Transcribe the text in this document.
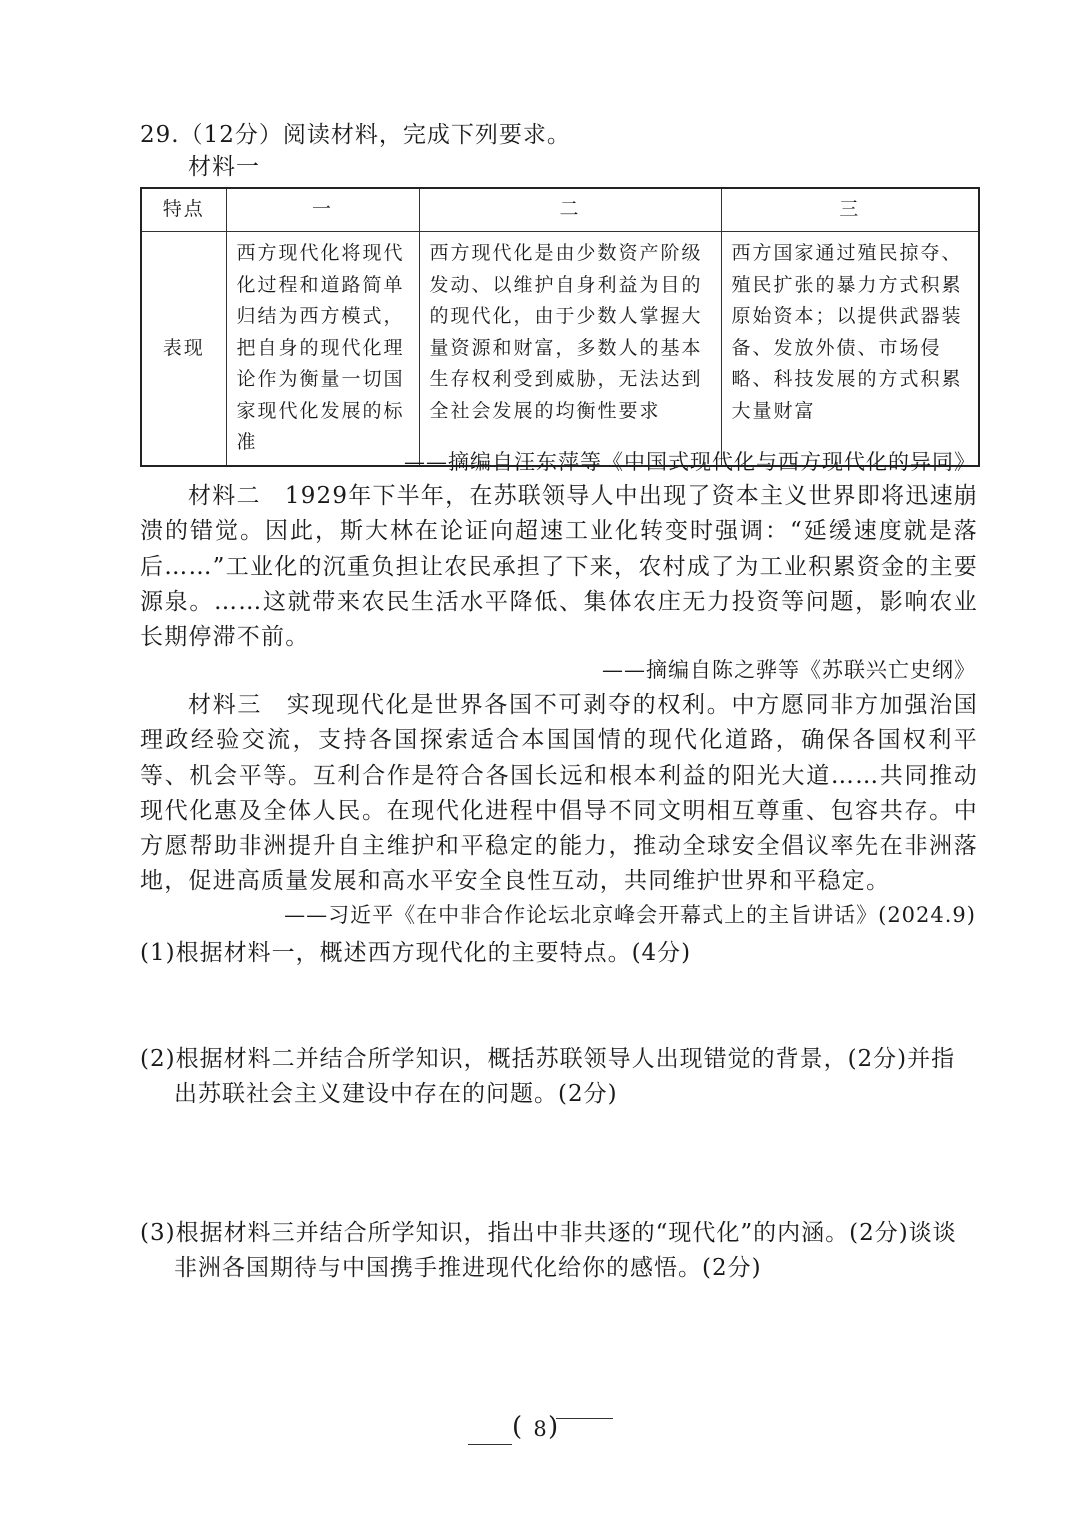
29.（12分）阅读材料，完成下列要求。
材料一
特点	一	二	三
表现	西方现代化将现代化过程和道路简单归结为西方模式，把自身的现代化理论作为衡量一切国家现代化发展的标准	西方现代化是由少数资产阶级发动、以维护自身利益为目的的现代化，由于少数人掌握大量资源和财富，多数人的基本生存权利受到威胁，无法达到全社会发展的均衡性要求	西方国家通过殖民掠夺、殖民扩张的暴力方式积累原始资本；以提供武器装备、发放外债、市场侵略、科技发展的方式积累大量财富
——摘编自汪东萍等《中国式现代化与西方现代化的异同》
材料二　1929年下半年，在苏联领导人中出现了资本主义世界即将迅速崩溃的错觉。因此，斯大林在论证向超速工业化转变时强调：“延缓速度就是落后……”工业化的沉重负担让农民承担了下来，农村成了为工业积累资金的主要源泉。……这就带来农民生活水平降低、集体农庄无力投资等问题，影响农业长期停滞不前。
——摘编自陈之骅等《苏联兴亡史纲》
材料三　实现现代化是世界各国不可剥夺的权利。中方愿同非方加强治国理政经验交流，支持各国探索适合本国国情的现代化道路，确保各国权利平等、机会平等。互利合作是符合各国长远和根本利益的阳光大道……共同推动现代化惠及全体人民。在现代化进程中倡导不同文明相互尊重、包容共存。中方愿帮助非洲提升自主维护和平稳定的能力，推动全球安全倡议率先在非洲落地，促进高质量发展和高水平安全良性互动，共同维护世界和平稳定。
——习近平《在中非合作论坛北京峰会开幕式上的主旨讲话》(2024.9)
(1)根据材料一，概述西方现代化的主要特点。(4分)
(2)根据材料二并结合所学知识，概括苏联领导人出现错觉的背景，(2分)并指
出苏联社会主义建设中存在的问题。(2分)
(3)根据材料三并结合所学知识，指出中非共逐的“现代化”的内涵。(2分)谈谈
非洲各国期待与中国携手推进现代化给你的感悟。(2分)
( 8 )
